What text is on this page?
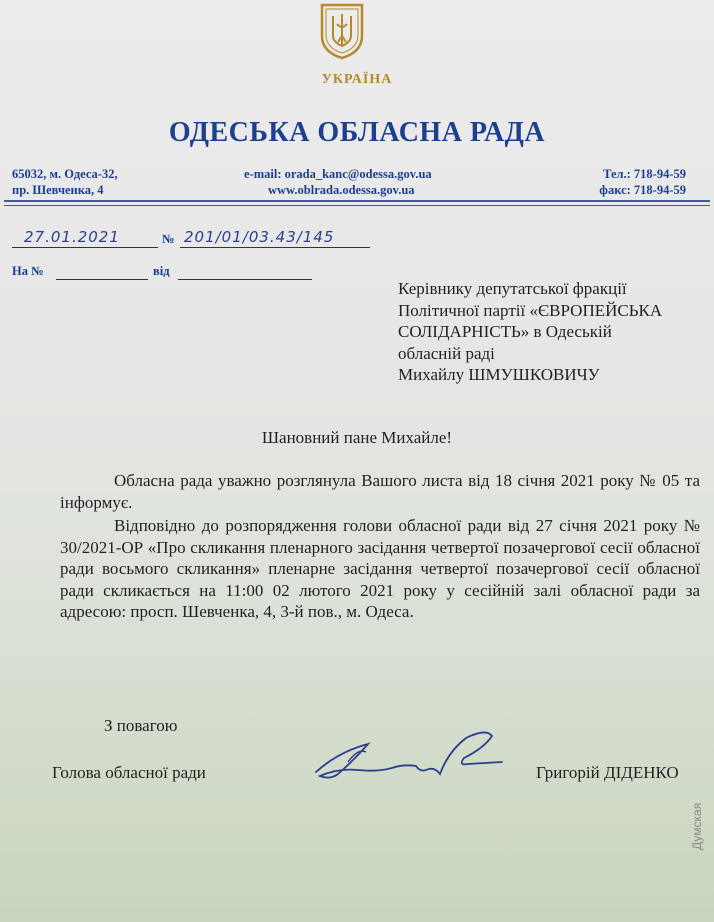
УКРАЇНА
ОДЕСЬКА ОБЛАСНА РАДА
65032, м. Одеса-32,
пр. Шевченка, 4
e-mail: orada_kanc@odessa.gov.ua
www.oblrada.odessa.gov.ua
Тел.: 718-94-59
факс: 718-94-59
27.01.2021	№ 201/01/03.43/145
На №	від
Керівнику депутатської фракції
Політичної партії «ЄВРОПЕЙСЬКА
СОЛІДАРНІСТЬ» в Одеській
обласній раді
Михайлу ШМУШКОВИЧУ
Шановний пане Михайле!
Обласна рада уважно розглянула Вашого листа від 18 січня 2021 року № 05 та інформує.
Відповідно до розпорядження голови обласної ради від 27 січня 2021 року № 30/2021-ОР «Про скликання пленарного засідання четвертої позачергової сесії обласної ради восьмого скликання» пленарне засідання четвертої позачергової сесії обласної ради скликається на 11:00 02 лютого 2021 року у сесійній залі обласної ради за адресою: просп. Шевченка, 4, 3-й пов., м. Одеса.
З повагою
Голова обласної ради	Григорій ДІДЕНКО
Думская
